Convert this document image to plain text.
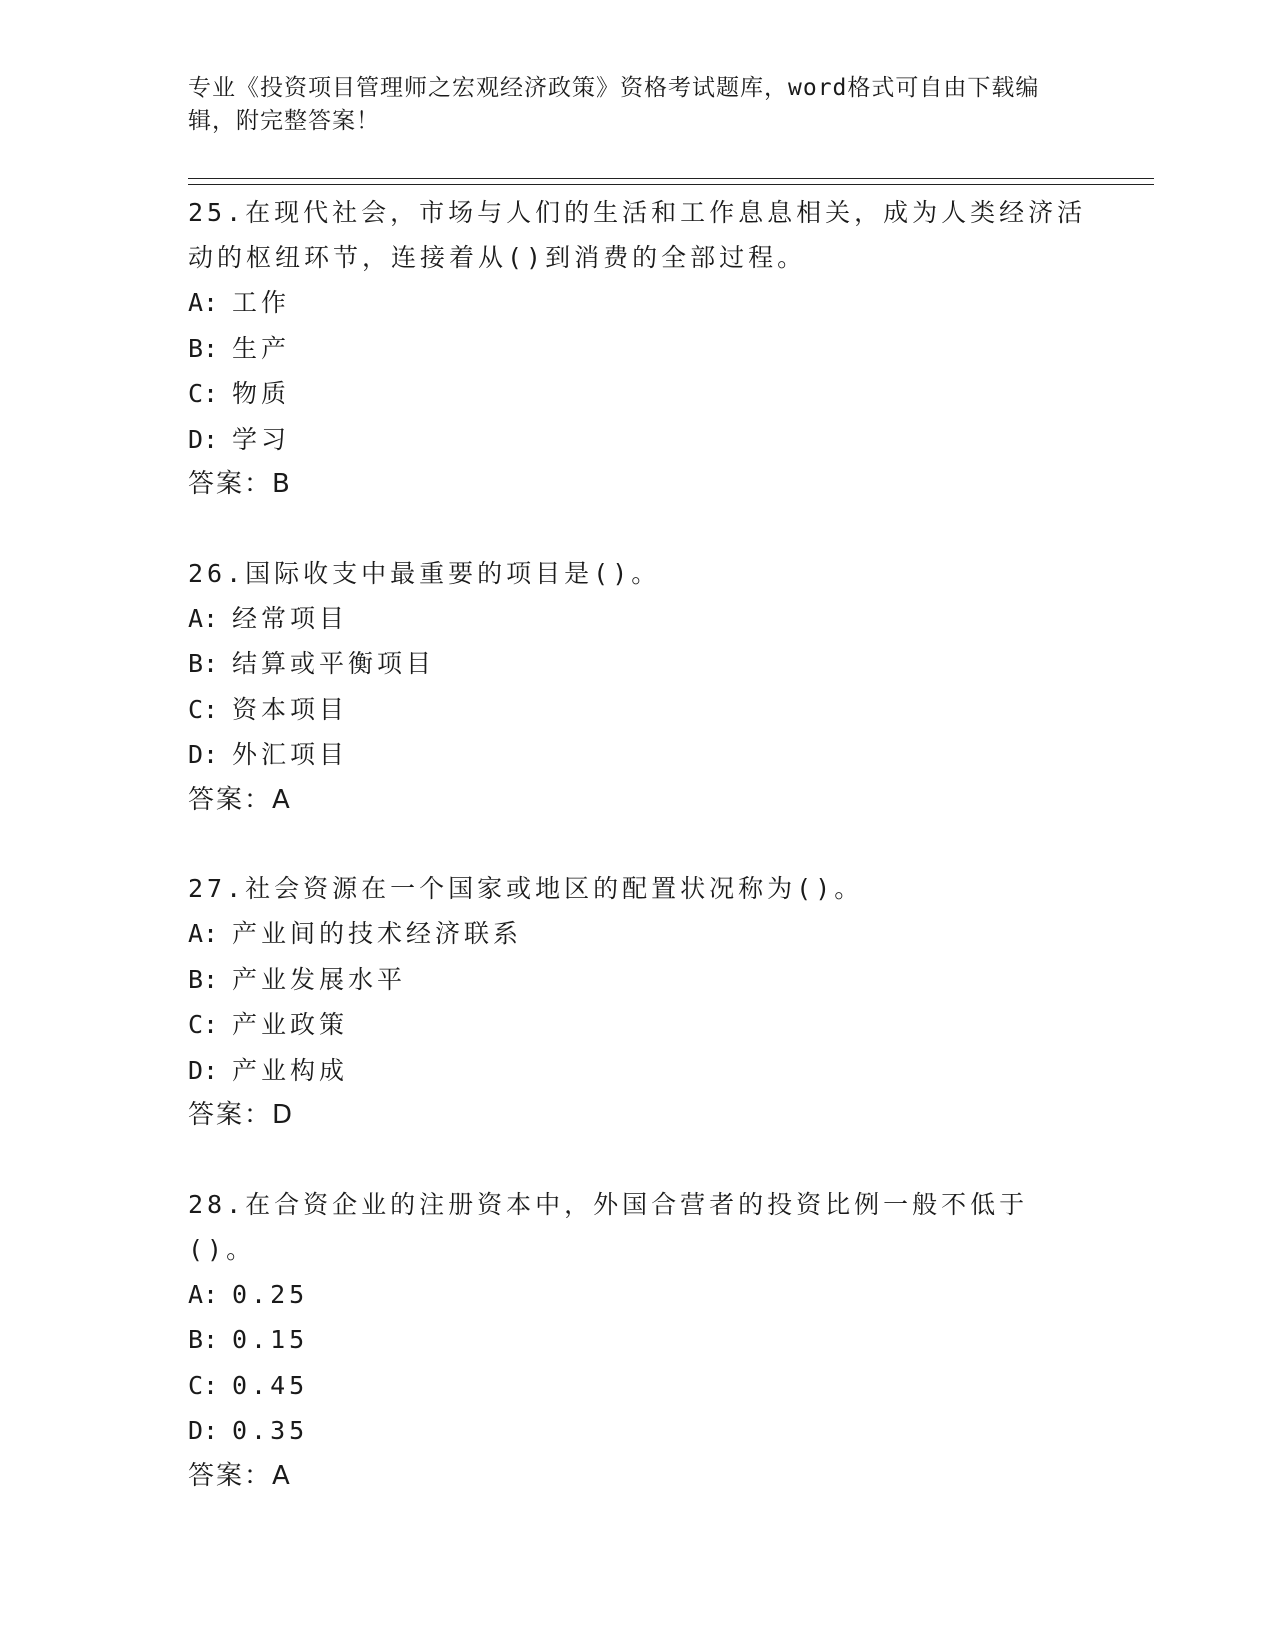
专业《投资项目管理师之宏观经济政策》资格考试题库，word格式可自由下载编辑，附完整答案！

25.在现代社会，市场与人们的生活和工作息息相关，成为人类经济活动的枢纽环节，连接着从()到消费的全部过程。

A: 工作
B: 生产
C: 物质
D: 学习
答案：B

26.国际收支中最重要的项目是()。

A: 经常项目
B: 结算或平衡项目
C: 资本项目
D: 外汇项目
答案：A

27.社会资源在一个国家或地区的配置状况称为()。

A: 产业间的技术经济联系
B: 产业发展水平
C: 产业政策
D: 产业构成
答案：D

28.在合资企业的注册资本中，外国合营者的投资比例一般不低于()。

A: 0.25
B: 0.15
C: 0.45
D: 0.35
答案：A
